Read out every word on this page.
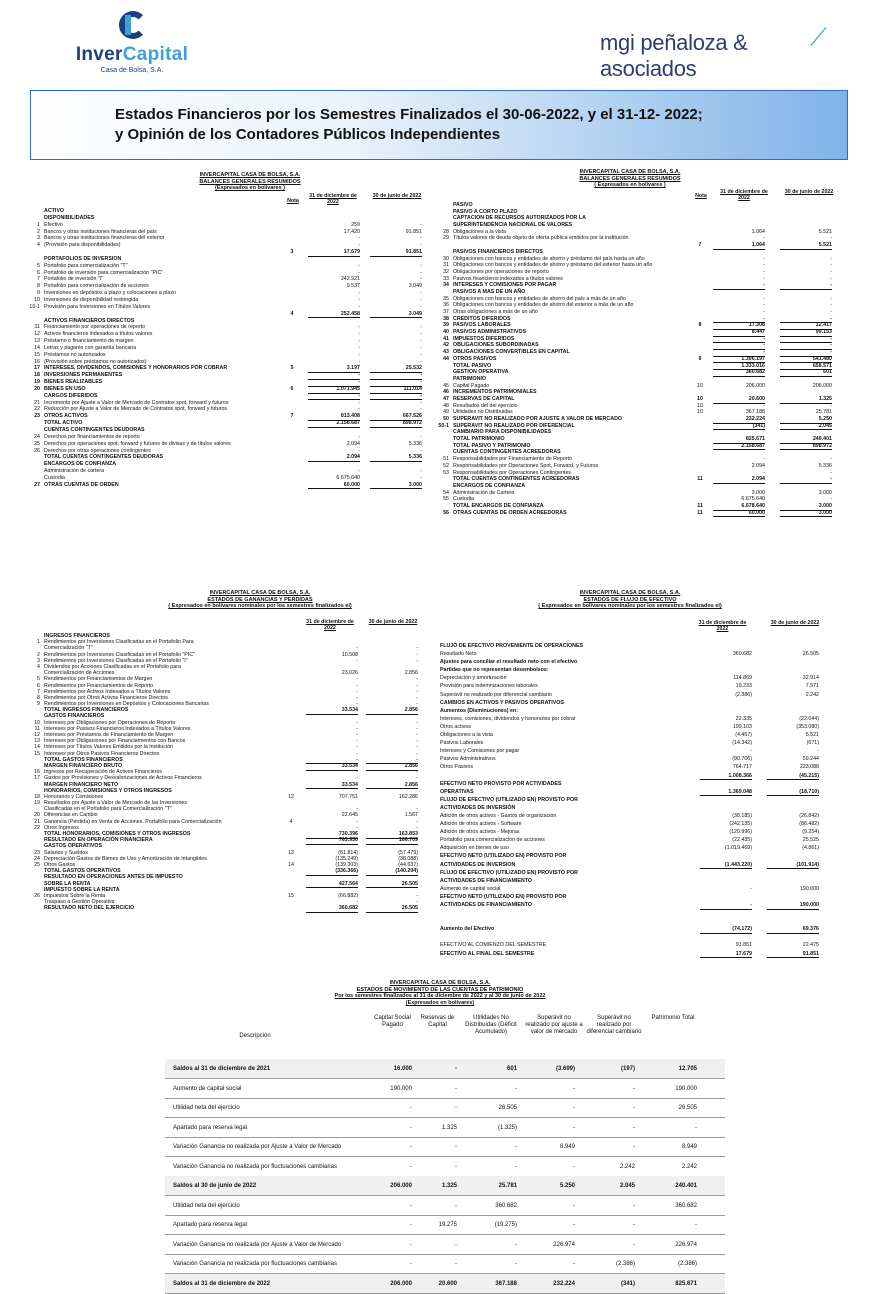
InverCapital
Casa de Bolsa, S.A.
mgi peñaloza & asociados
⟋
Estados Financieros por los Semestres Finalizados el 30-06-2022, y el 31-12- 2022;
y Opinión de los Contadores Públicos Independientes
INVERCAPITAL CASA DE BOLSA, S.A.
BALANCES GENERALES RESUMIDOS
(Expresados en bolívares )
Nota
31 de diciembre de 2022
30 de junio de 2022
ACTIVO
DISPONIBILIDADES
1 Efectivo	259	-
2 Bancos y otras instituciones financieras del país	17.420	91.851
3 Bancos y otras instituciones financieras del exterior	-	-
4 (Provisión para disponibilidades)	-	-
3	17.679	91.851
PORTAFOLIOS DE INVERSION
5 Portafolio para comercialización "T"	-	-
6 Portafolio de inversión para comercialización "PIC"	-	-
7 Portafolio de inversión "I"	242.921	-
8 Portafolio para comercialización de acciones	9.537	3.049
9 Inversiones en depósitos a plazo y colocaciones a plazo	-	-
10 Inversiones de disponibilidad restringida	-	-
10-1 Provisión para Inversiones en Títulos Valores	-	-
4	252.458	3.049
ACTIVOS FINANCIEROS DIRECTOS
11 Financiamiento por operaciones de reporto	-	-
12 Activos financieros indexados a títulos valores	-	-
13 Préstamo o financiamiento de margen	-	-
14 Letras y pagarés con garantía bancaria	-	-
15 Préstamos no autorizados	-	-
16 (Provisión sobre préstamos no autorizados)	-	-
17 INTERESES, DIVIDENDOS, COMISIONES Y HONORARIOS POR COBRAR	5	3.197	25.532
18 INVERSIONES PERMANENTES	-	-
19 BIENES REALIZABLES	-	-
20 BIENES EN USO	6	1.071.945	111.014
CARGOS DIFERIDOS	-	-
21 Incremento por Ajuste a Valor de Mercado de Contratos spot, forward y futuros	-	-
22 Reducción por Ajuste a Valor de Mercado de Contratos spot, forward y futuros	-	-
23 OTROS ACTIVOS	7	813.408	667.526
TOTAL ACTIVO	2.158.687	898.972
CUENTAS CONTINGENTES DEUDORAS
24 Derechos por financiamientos de reporto	-	-
25 Derechos por operaciones spot, forward y futuros de divisas y de títulos valores	2.094	5.336
26 Derechos por otras operaciones contingentes	-	-
TOTAL CUENTAS CONTINGENTES DEUDORAS	2.094	5.336
ENCARGOS DE CONFIANZA
Administración de cartera	-	-
Custodia	6.675.640	-
27 OTRAS CUENTAS DE ORDEN	60.000	3.000
INVERCAPITAL CASA DE BOLSA, S.A.
BALANCES GENERALES RESUMIDOS
( Expresados en bolívares )
Nota
31 de diciembre de 2022
30 de junio de 2022
PASIVO
PASIVO A CORTO PLAZO
CAPTACION DE RECURSOS AUTORIZADOS POR LA
SUPERINTENDENCIA NACIONAL DE VALORES
28 Obligaciones a la vista	1.064	5.521
29 Títulos valores de deuda objeto de oferta pública emitidos por la institución	-	-
7	1.064	5.521
PASIVOS FINANCIEROS DIRECTOS
30 Obligaciones con bancos y entidades de ahorro y préstamo del país hasta un año	-	-
31 Obligaciones con bancos y entidades de ahorro y préstamo del exterior hasta un año	-	-
32 Obligaciones por operaciones de reporto	-	-
33 Pasivos financieros indexados a títulos valores	-	-
34 INTERESES Y COMISIONES POR PAGAR	-	-
PASIVOS A MAS DE UN AÑO
35 Obligaciones con bancos y entidades de ahorro del país a más de un año	-	-
36 Obligaciones con bancos y entidades de ahorro del exterior a más de un año	-	-
37 Otras obligaciones a más de un año	-	-
38 CREDITOS DIFERIDOS	-	-
39 PASIVOS LABORALES	8	17.308	12.417
40 PASIVOS ADMINISTRATIVOS	8.447	99.153
41 IMPUESTOS DIFERIDOS	-	-
42 OBLIGACIONES SUBORDINADAS	-	-
43 OBLIGACIONES CONVERTIBLES EN CAPITAL	-	-
44 OTROS PASIVOS	9	1.306.197	541.480
TOTAL PASIVO	1.333.016	658.571
GESTION OPERATIVA	360.682	601
PATRIMONIO
45 Capital Pagado	10	206.000	206.000
46 INCREMENTOS PATRIMONIALES
47 RESERVAS DE CAPITAL	10	20.600	1.325
48 Resultados del del ejercicio	10	-	-
49 Utilidades no Distribuidas	10	367.188	25.781
50 SUPERAVIT NO REALIZADO POR AJUSTE A VALOR DE MERCADO	232.224	5.250
50-1 SUPERAVIT NO REALIZADO POR DIFERENCIAL	(341)	2.045
CAMBIARIO PARA DISPONIBILIDADES
TOTAL PATRIMONIO	825.671	240.401
TOTAL PASIVO Y PATRIMONIO	2.158.687	898.972
CUENTAS CONTINGENTES ACREEDORAS
51 Responsabilidades por Financiamiento de Reporto	-	-
52 Responsabilidades por Operaciones Spot, Forward, y Futuros	2.094	5.336
53 Responsabilidades por Operaciones Contingentes	-	-
TOTAL CUENTAS CONTINGENTES ACREEDORAS	11	2.094	-
ENCARGOS DE CONFIANZA
54 Administración de Cartera	3.000	3.000
55 Custodia	6.675.640	-
TOTAL ENCARGOS DE CONFIANZA	11	6.678.640	3.000
56 OTRAS CUENTAS DE ORDEN ACREEDORAS	11	60.000	3.000
INVERCAPITAL CASA DE BOLSA, S.A.
ESTADOS DE GANANCIAS Y PERDIDAS
( Expresados en bolívares nominales por los semestres finalizados el)
31 de diciembre de 2022
30 de junio de 2022
INGRESOS FINANCIEROS
1 Rendimientos por Inversiones Clasificadas en el Portafolio Para
Comercialización "T"	-	-
2 Rendimientos por Inversiones Clasificadas en el Portafolio "PIC"	10.508	-
3 Rendimientos por Inversiones Clasificadas en el Portafolio "I"	-	-
4 Dividendos por Acciones Clasificadas en el Portafolio para
Comercialización de Acciones	23.026	2.856
5 Rendimientos por Financiamientos de Margen	-	-
6 Rendimientos por Financiamientos de Reporto	-	-
7 Rendimientos por Activos Indexados a Títulos Valores	-	-
8 Rendimientos por Otros Activos Financieros Directos	-	-
9 Rendimientos por Inversiones en Depósitos y Colocaciones Bancarias	-	-
TOTAL INGRESOS FINANCIEROS	33.534	2.856
GASTOS FINANCIEROS
10 Intereses por Obligaciones por Operaciones de Reporto	-	-
11 Intereses por Pasivos Financieros Indexados a Títulos Valores	-	-
12 Intereses por Préstamos de Financiamiento de Margen	-	-
13 Intereses por Obligaciones por Financiamientos con Bancos	-	-
14 Intereses por Títulos Valores Emitidos por la Institución	-	-
15 Intereses por Otros Pasivos Financieros Directos	-	-
TOTAL GASTOS FINANCIEROS	-	-
MARGEN FINANCIERO BRUTO	33.534	2.856
16 Ingresos por Recuperación de Activos Financieros	-	-
17 Gastos por Provisiones y Desvalorizaciones de Activos Financieros	-	-
MARGEN FINANCIERO NETO	33.534	2.856
HONORARIOS, COMISIONES Y OTROS INGRESOS
18 Honorarios y Comisiones	12	707.751	162.286
19 Resultados por Ajuste a Valor de Mercado de las Inversiones
Clasificadas en el Portafolio para Comercialización "T"	-	-
20 Diferencias en Cambio	22.645	1.567
21 Ganancia (Pérdida) en Venta de Acciones. Portafolio para Comercialización	4	-	-
22 Otros Ingresos	-	-
TOTAL HONORARIOS, COMISIONES Y OTROS INGRESOS	730.396	163.853
RESULTADO EN OPERACIÓN FINANCIERA	763.930	166.709
GASTOS OPERATIVOS
23 Salarios y Sueldos	13	(61.814)	(57.479)
24 Depreciación Gastos de Bienes de Uso y Amortización de Intangibles	(135.249)	(38.088)
25 Otros Gastos	14	(139.303)	(44.637)
TOTAL GASTOS OPERATIVOS	(336.366)	(140.204)
RESULTADO EN OPERACIONES ANTES DE IMPUESTO
SOBRE LA RENTA	427.564	26.505
IMPUESTO SOBRE LA RENTA
26 Impuestos Sobre la Renta	15	(66.882)	-
Traspaso a Gestión Operativa	-	-
RESULTADO NETO DEL EJERCICIO	360.682	26.505
INVERCAPITAL CASA DE BOLSA, S.A.
ESTADOS DE FLUJO DE EFECTIVO
( Expresados en bolívares nominales por los semestres finalizados el)
31 de diciembre de 2022
30 de junio de 2022
FLUJO DE EFECTIVO PROVENIENTE DE OPERACIONES
Resultado Neto	360.682	26.505
Ajustes para conciliar el resultado neto con el efectivo
Partidas que no representan desembolsos:
Depreciación y amortización	114.869	32.914
Provisión para indemnizaciones laborales	19.233	7.571
Superávit no realizado por diferencial cambiario	(2.386)	2.242
CAMBIOS EN ACTIVOS Y PASIVOS OPERATIVOS
Aumentos (Disminuciones) en:
Intereses, comisiones, dividendos y honorarios por cobrar	22.335	(22.044)
Otros activos	199.103	(353.080)
Obligaciones a la vista	(4.457)	5.521
Pasivos Laborales	(14.342)	(671)
Intereses y Comisiones por pagar	-	-
Pasivos Administrativos	(90.706)	59.244
Otros Pasivos	764.717	223.088
1.008.366	(45.215)
EFECTIVO NETO PROVISTO POR ACTIVIDADES
OPERATIVAS	1.369.048	(18.710)
FLUJO DE EFECTIVO (UTILIZADO EN) PROVISTO POR
ACTIVIDADES DE INVERSIÓN
Adición de otros activos - Gastos de organización	(38.185)	(26.842)
Adición de otros activos - Software	(242.135)	(86.482)
Adición de otros activos - Mejoras	(120.996)	(9.254)
Portafolio para comercialización de acciones	(22.435)	25.525
Adquisición en bienes de uso	(1.019.469)	(4.861)
EFECTIVO NETO (UTILIZADO EN) PROVISTO POR
ACTIVIDADES DE INVERSION	(1.443.220)	(101.914)
FLUJO DE EFECTIVO (UTILIZADO EN) PROVISTO POR
ACTIVIDADES DE FINANCIAMIENTO
Aumento de capital social	-	190.000
EFECTIVO NETO (UTILIZADO EN) PROVISTO POR
ACTIVIDADES DE FINANCIAMIENTO	-	190.000
Aumento del Efectivo	(74.172)	69.376
EFECTIVO AL COMIENZO DEL SEMESTRE	91.851	22.475
EFECTIVO AL FINAL DEL SEMESTRE	17.679	91.851
INVERCAPITAL CASA DE BOLSA, S.A.
ESTADOS DE MOVIMIENTO DE LAS CUENTAS DE PATRIMONIO
Por los semestres finalizados al 31 de diciembre de 2022 y al 30 de junio de 2022
(Expresados en bolívares)
Descripción
Capital Social Pagado
Reservas de Capital
Utilidades No Distribuidas (Déficit Acumulado)
Superávit no realizado por ajuste a valor de mercado
Superávit no realizado por diferencial cambiario
Patrimonio Total
Saldos al 31 de diciembre de 2021	16.000	-	601	(3.699)	(197)	12.705
Aumento de capital social	190.000	-	-	-	-	190.000
Utilidad neta del ejercicio	-	-	26.505	-	-	26.505
Apartado para reserva legal	-	1.325	(1.325)	-	-	-
Variación Ganancia no realizada por Ajuste a Valor de Mercado	-	-	-	8.949	-	8.949
Variación Ganancia no realizada por fluctuaciones cambiarias	-	-	-	-	2.242	2.242
Saldos al 30 de junio de 2022	206.000	1.325	25.781	5.250	2.045	240.401
Utilidad neta del ejercicio	-	-	360.682	-	-	360.682
Apartado para reserva legal	-	19.275	(19.275)	-	-	-
Variación Ganancia no realizada por Ajuste a Valor de Mercado	-	-	-	226.974	-	226.974
Variación Ganancia no realizada por fluctuaciones cambiarias	-	-	-	-	(2.386)	(2.386)
Saldos al 31 de diciembre de 2022	206.000	20.600	367.188	232.224	(341)	825.671
